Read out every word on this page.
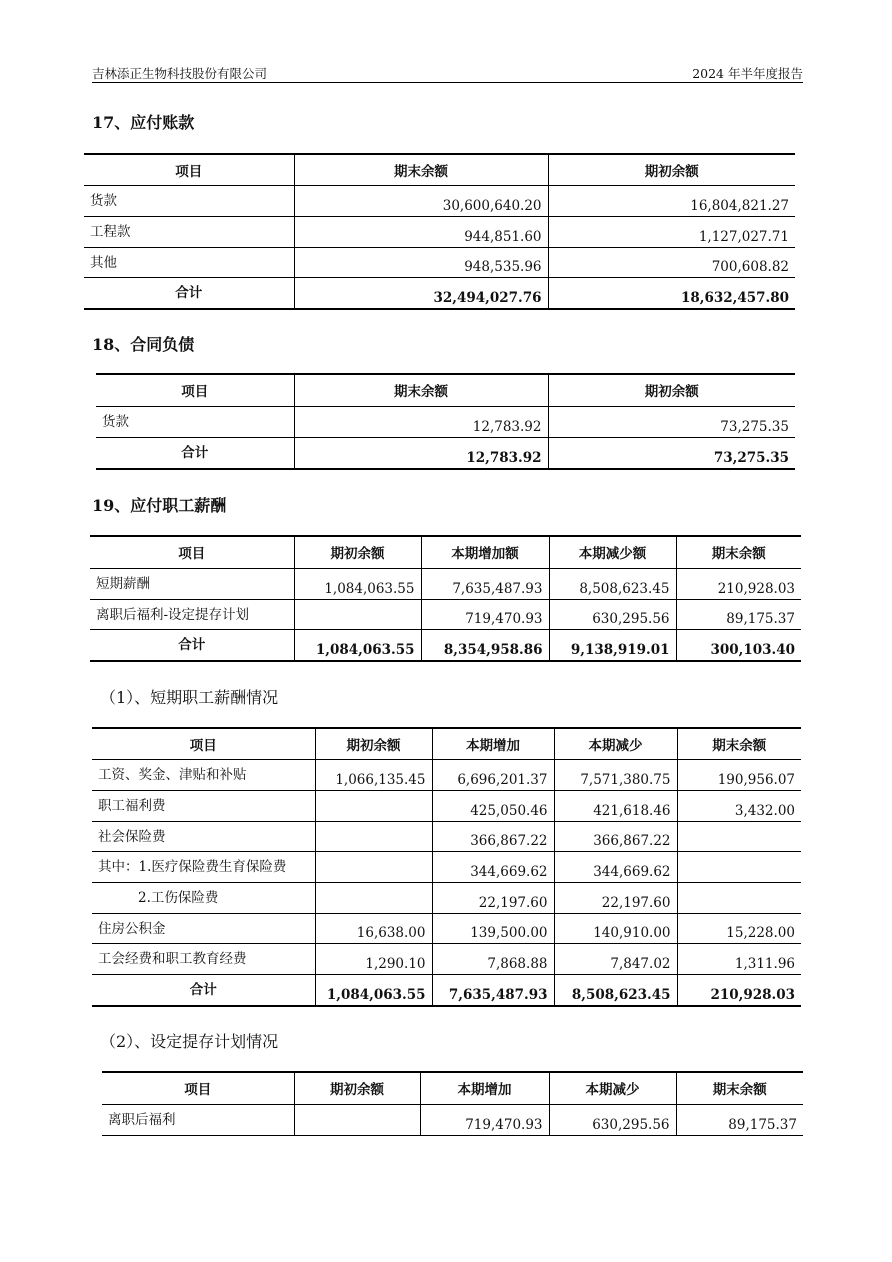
吉林添正生物科技股份有限公司	2024 年半年度报告
17、应付账款
项目	期末余额	期初余额
货款	30,600,640.20	16,804,821.27
工程款	944,851.60	1,127,027.71
其他	948,535.96	700,608.82
合计	32,494,027.76	18,632,457.80
18、合同负债
项目	期末余额	期初余额
货款	12,783.92	73,275.35
合计	12,783.92	73,275.35
19、应付职工薪酬
项目	期初余额	本期增加额	本期减少额	期末余额
短期薪酬	1,084,063.55	7,635,487.93	8,508,623.45	210,928.03
离职后福利-设定提存计划		719,470.93	630,295.56	89,175.37
合计	1,084,063.55	8,354,958.86	9,138,919.01	300,103.40
（1）、短期职工薪酬情况
项目	期初余额	本期增加	本期减少	期末余额
工资、奖金、津贴和补贴	1,066,135.45	6,696,201.37	7,571,380.75	190,956.07
职工福利费		425,050.46	421,618.46	3,432.00
社会保险费		366,867.22	366,867.22	
其中：1.医疗保险费生育保险费		344,669.62	344,669.62	
2.工伤保险费		22,197.60	22,197.60	
住房公积金	16,638.00	139,500.00	140,910.00	15,228.00
工会经费和职工教育经费	1,290.10	7,868.88	7,847.02	1,311.96
合计	1,084,063.55	7,635,487.93	8,508,623.45	210,928.03
（2）、设定提存计划情况
项目	期初余额	本期增加	本期减少	期末余额
离职后福利		719,470.93	630,295.56	89,175.37
